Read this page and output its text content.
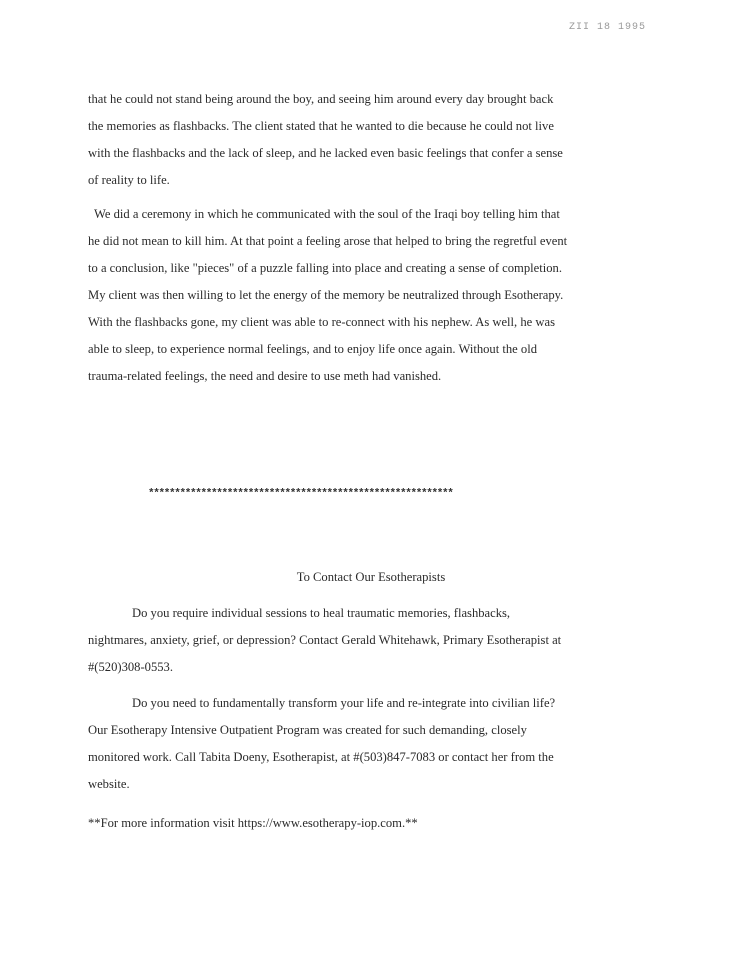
ZII 18 1995

that he could not stand being around the boy, and seeing him around every day brought back the memories as flashbacks. The client stated that he wanted to die because he could not live with the flashbacks and the lack of sleep, and he lacked even basic feelings that confer a sense of reality to life.

We did a ceremony in which he communicated with the soul of the Iraqi boy telling him that he did not mean to kill him. At that point a feeling arose that helped to bring the regretful event to a conclusion, like "pieces" of a puzzle falling into place and creating a sense of completion. My client was then willing to let the energy of the memory be neutralized through Esotherapy. With the flashbacks gone, my client was able to re-connect with his nephew. As well, he was able to sleep, to experience normal feelings, and to enjoy life once again. Without the old trauma-related feelings, the need and desire to use meth had vanished.

**********************************************************
To Contact Our Esotherapists

Do you require individual sessions to heal traumatic memories, flashbacks, nightmares, anxiety, grief, or depression? Contact Gerald Whitehawk, Primary Esotherapist at #(520)308-0553.

Do you need to fundamentally transform your life and re-integrate into civilian life? Our Esotherapy Intensive Outpatient Program was created for such demanding, closely monitored work. Call Tabita Doeny, Esotherapist, at #(503)847-7083 or contact her from the website.

**For more information visit https://www.esotherapy-iop.com.**
